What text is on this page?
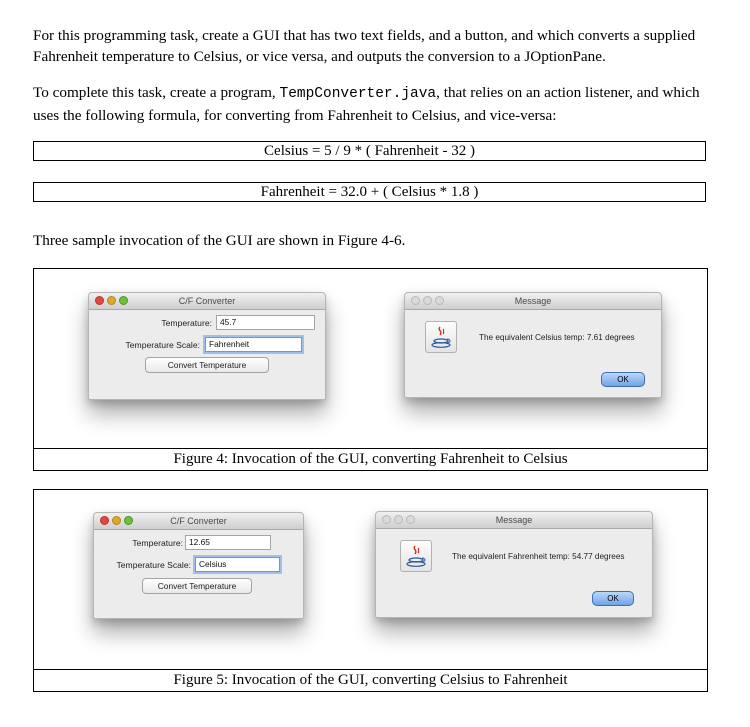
For this programming task, create a GUI that has two text fields, and a button, and which converts a supplied Fahrenheit temperature to Celsius, or vice versa, and outputs the conversion to a JOptionPane.

To complete this task, create a program, TempConverter.java, that relies on an action listener, and which uses the following formula, for converting from Fahrenheit to Celsius, and vice-versa:

Celsius = 5 / 9 * ( Fahrenheit - 32 )
Fahrenheit = 32.0 + ( Celsius * 1.8 )

Three sample invocation of the GUI are shown in Figure 4-6.

C/F Converter
Temperature: 45.7
Temperature Scale:	Fahrenheit
Convert Temperature
Message
The equivalent Celsius temp: 7.61 degrees
OK
Figure 4: Invocation of the GUI, converting Fahrenheit to Celsius
C/F Converter
Temperature: 12.65
Temperature Scale: Celsius
Convert Temperature
Message
The equivalent Fahrenheit temp: 54.77 degrees
OK
Figure 5: Invocation of the GUI, converting Celsius to Fahrenheit
